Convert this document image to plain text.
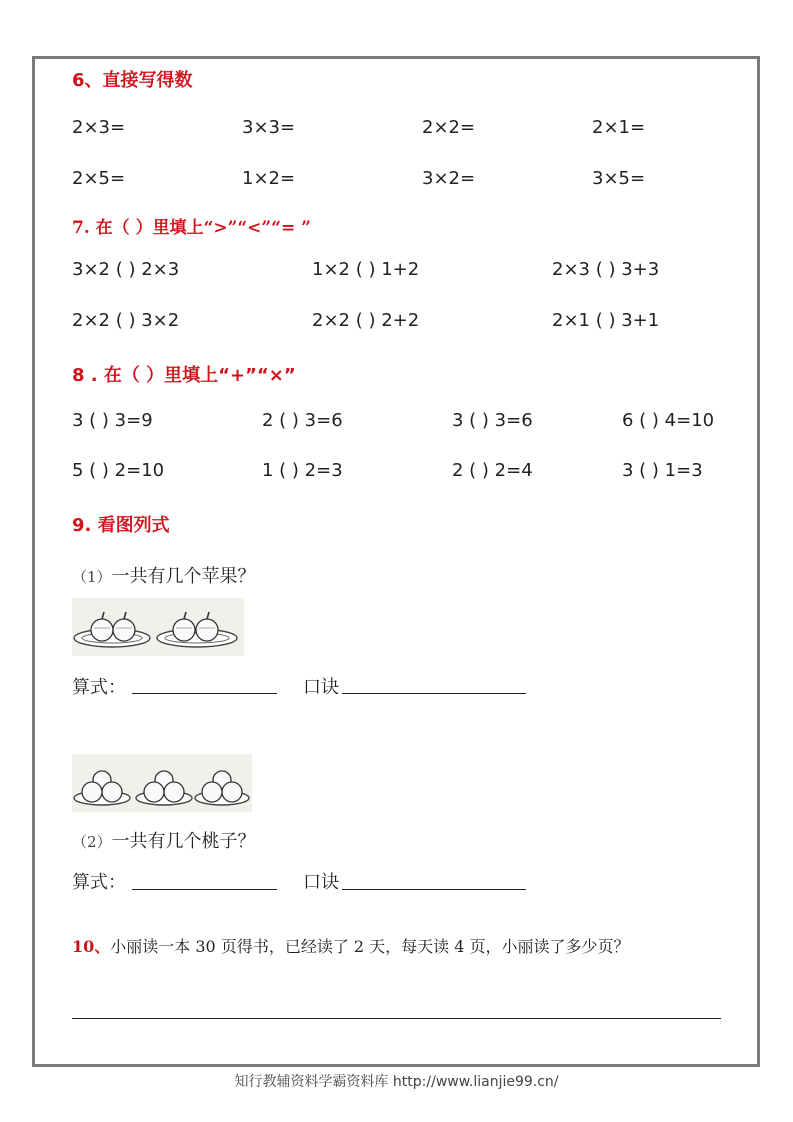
6、直接写得数
2×3=	3×3=	2×2=	2×1=
2×5=	1×2=	3×2=	3×5=
7. 在（ ）里填上“>”“<”“= ”
3×2 ( ) 2×3	1×2 ( ) 1+2	2×3 ( ) 3+3
2×2 ( ) 3×2	2×2 ( ) 2+2	2×1 ( ) 3+1
8 . 在（ ）里填上“+”“×”
3 ( ) 3=9	2 ( ) 3=6	3 ( ) 3=6	6 ( ) 4=10
5 ( ) 2=10	1 ( ) 2=3	2 ( ) 2=4	3 ( ) 1=3
9. 看图列式
（1）一共有几个苹果？
算式：	口诀
（2）一共有几个桃子？
算式：	口诀
10、小丽读一本 30 页得书，已经读了 2 天，每天读 4 页，小丽读了多少页？
知行教辅资料学霸资料库 http://www.lianjie99.cn/
